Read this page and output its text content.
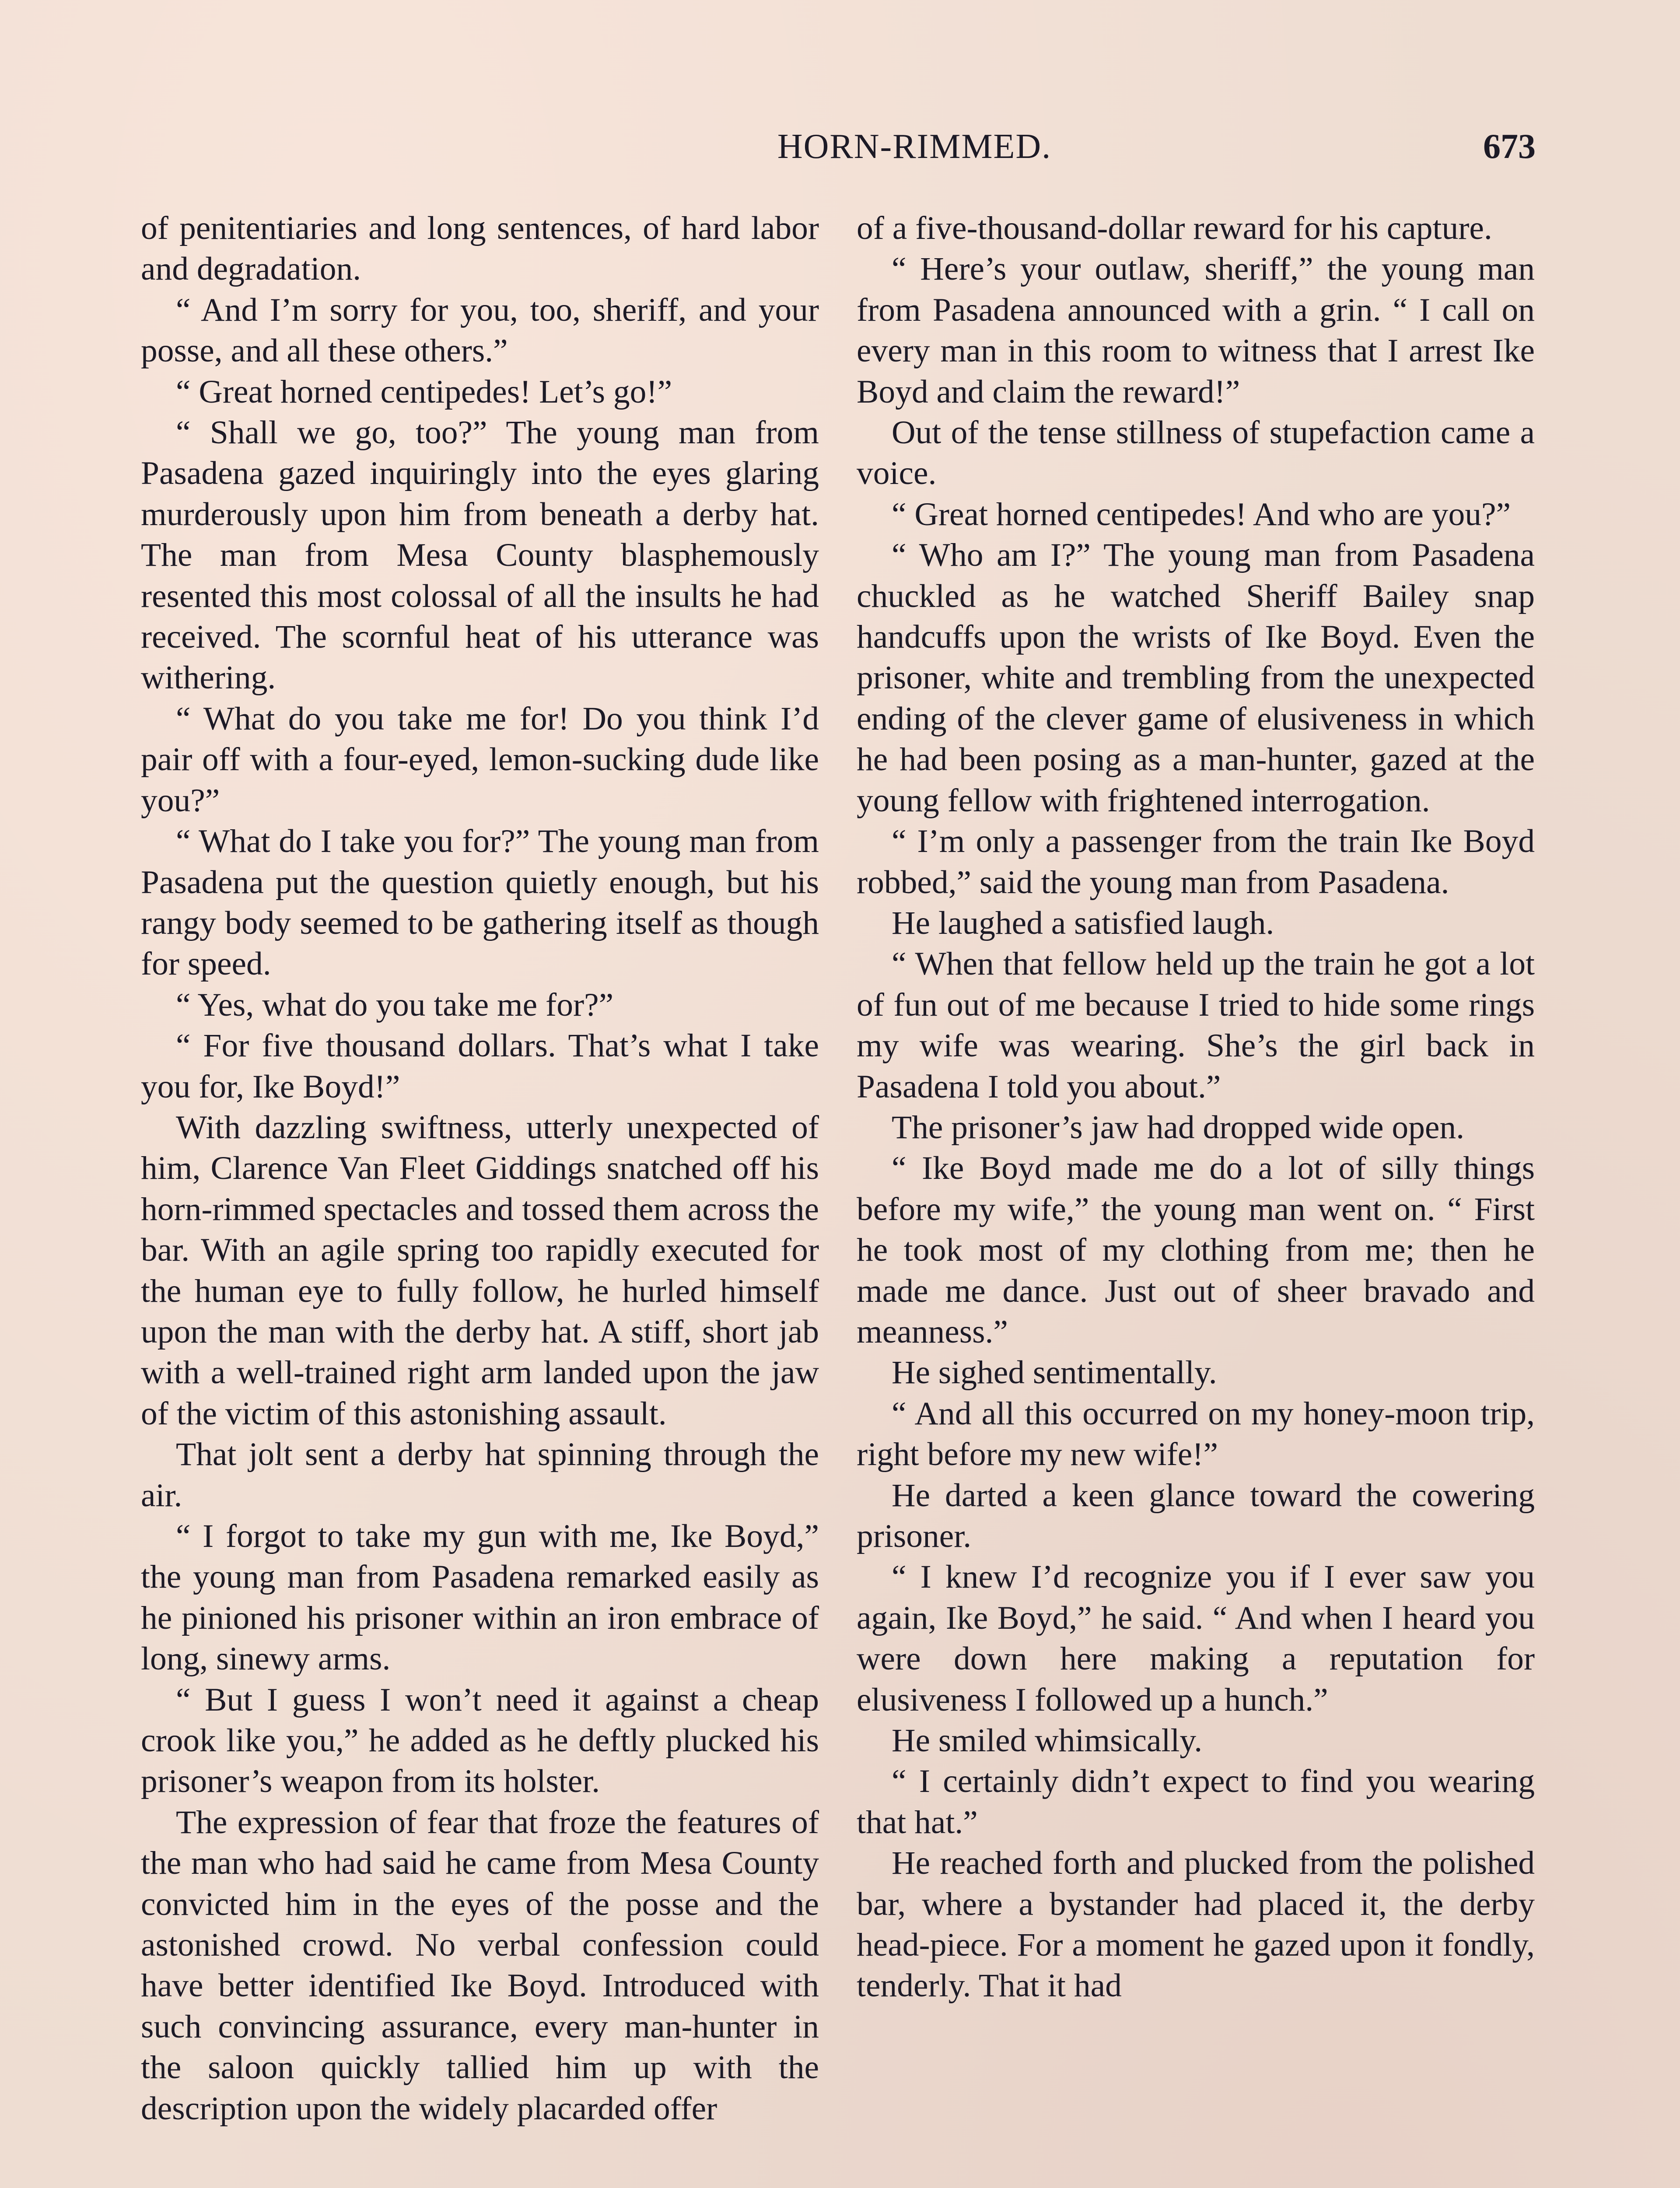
HORN-RIMMED.	673

of penitentiaries and long sentences, of hard labor and degradation.

“ And I’m sorry for you, too, sheriff, and your posse, and all these others.”

“ Great horned centipedes! Let’s go!”

“ Shall we go, too?” The young man from Pasadena gazed inquiringly into the eyes glaring murderously upon him from beneath a derby hat. The man from Mesa County blasphemously resented this most colossal of all the insults he had received. The scornful heat of his utterance was withering.

“ What do you take me for! Do you think I’d pair off with a four-eyed, lemon-sucking dude like you?”

“ What do I take you for?” The young man from Pasadena put the question quietly enough, but his rangy body seemed to be gathering itself as though for speed.

“ Yes, what do you take me for?”

“ For five thousand dollars. That’s what I take you for, Ike Boyd!”

With dazzling swiftness, utterly unexpected of him, Clarence Van Fleet Giddings snatched off his horn-rimmed spectacles and tossed them across the bar. With an agile spring too rapidly executed for the human eye to fully follow, he hurled himself upon the man with the derby hat. A stiff, short jab with a well-trained right arm landed upon the jaw of the victim of this astonishing assault.

That jolt sent a derby hat spinning through the air.

“ I forgot to take my gun with me, Ike Boyd,” the young man from Pasadena remarked easily as he pinioned his prisoner within an iron embrace of long, sinewy arms.

“ But I guess I won’t need it against a cheap crook like you,” he added as he deftly plucked his prisoner’s weapon from its holster.

The expression of fear that froze the features of the man who had said he came from Mesa County convicted him in the eyes of the posse and the astonished crowd. No verbal confession could have better identified Ike Boyd. Introduced with such convincing assurance, every man-hunter in the saloon quickly tallied him up with the description upon the widely placarded offer

of a five-thousand-dollar reward for his capture.

“ Here’s your outlaw, sheriff,” the young man from Pasadena announced with a grin. “ I call on every man in this room to witness that I arrest Ike Boyd and claim the reward!”

Out of the tense stillness of stupefaction came a voice.

“ Great horned centipedes! And who are you?”

“ Who am I?” The young man from Pasadena chuckled as he watched Sheriff Bailey snap handcuffs upon the wrists of Ike Boyd. Even the prisoner, white and trembling from the unexpected ending of the clever game of elusiveness in which he had been posing as a man-hunter, gazed at the young fellow with frightened interrogation.

“ I’m only a passenger from the train Ike Boyd robbed,” said the young man from Pasadena.

He laughed a satisfied laugh.

“ When that fellow held up the train he got a lot of fun out of me because I tried to hide some rings my wife was wearing. She’s the girl back in Pasadena I told you about.”

The prisoner’s jaw had dropped wide open.

“ Ike Boyd made me do a lot of silly things before my wife,” the young man went on. “ First he took most of my clothing from me; then he made me dance. Just out of sheer bravado and meanness.”

He sighed sentimentally.

“ And all this occurred on my honey-moon trip, right before my new wife!”

He darted a keen glance toward the cowering prisoner.

“ I knew I’d recognize you if I ever saw you again, Ike Boyd,” he said. “ And when I heard you were down here making a reputation for elusiveness I followed up a hunch.”

He smiled whimsically.

“ I certainly didn’t expect to find you wearing that hat.”

He reached forth and plucked from the polished bar, where a bystander had placed it, the derby head-piece. For a moment he gazed upon it fondly, tenderly. That it had
